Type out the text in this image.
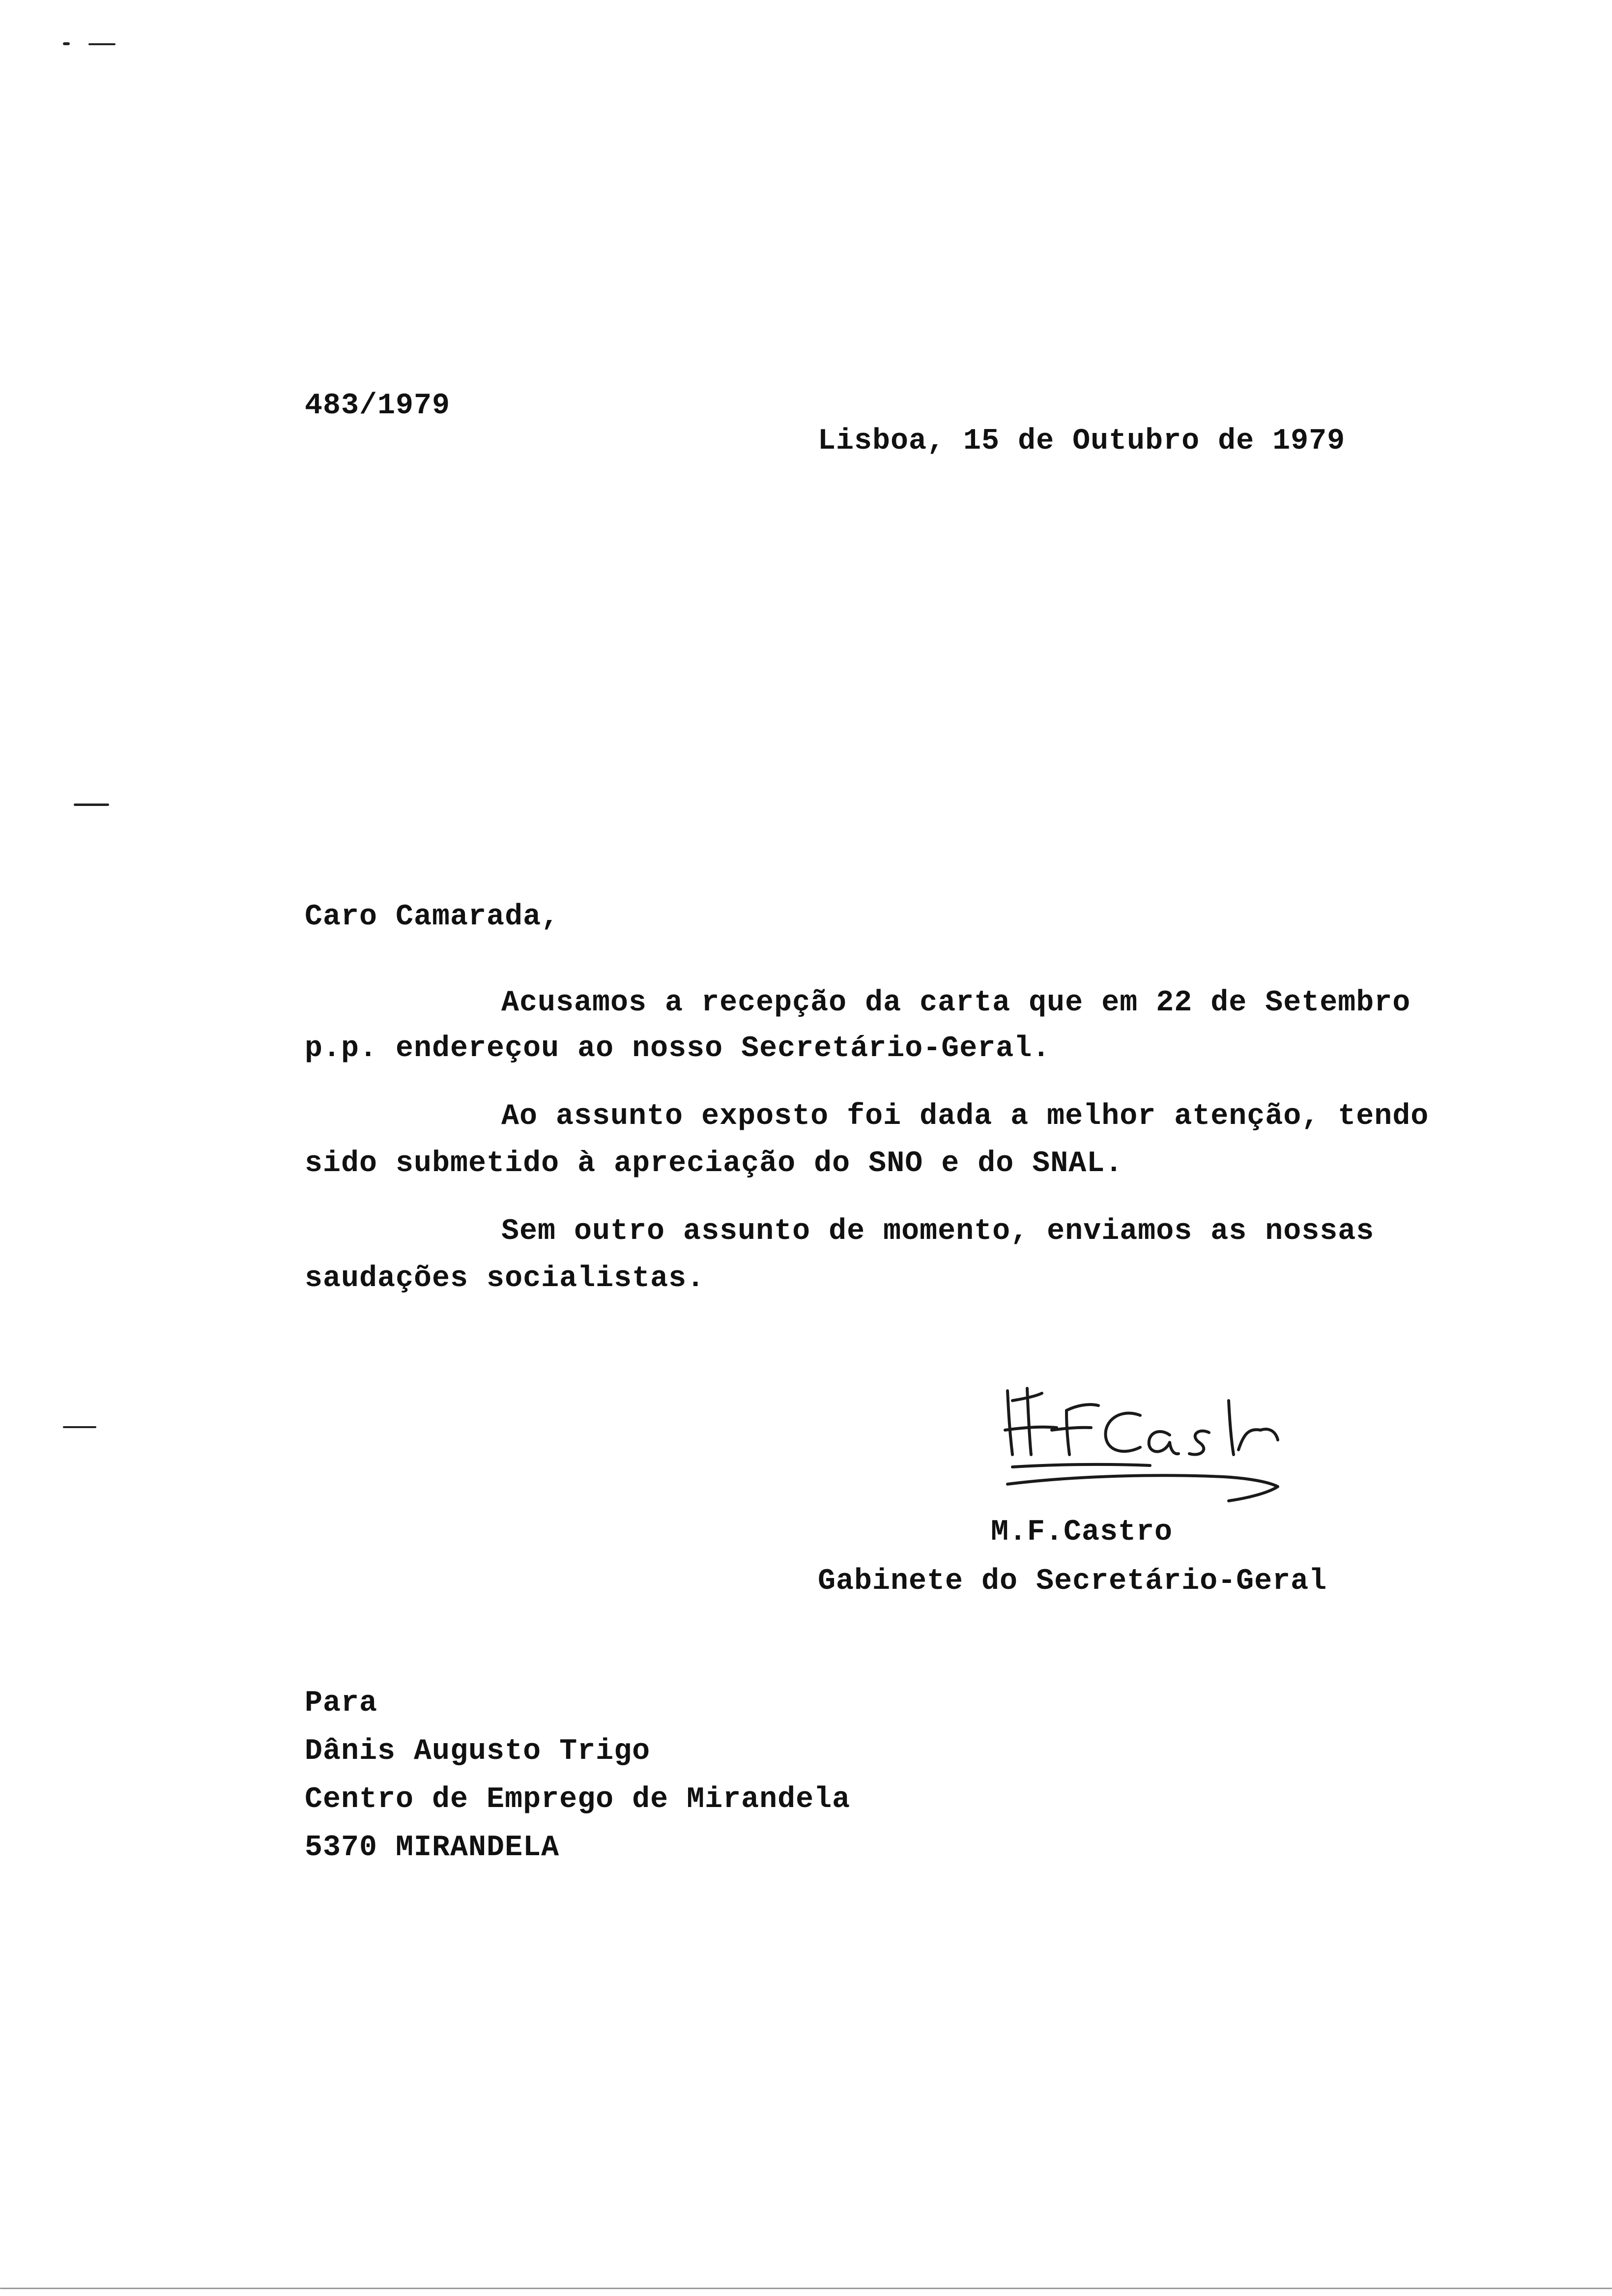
483/1979
Lisboa, 15 de Outubro de 1979
Caro Camarada,
Acusamos a recepção da carta que em 22 de Setembro
p.p. endereçou ao nosso Secretário-Geral.
Ao assunto exposto foi dada a melhor atenção, tendo
sido submetido à apreciação do SNO e do SNAL.
Sem outro assunto de momento, enviamos as nossas
saudações socialistas.
M.F.Castro
Gabinete do Secretário-Geral
Para
Dânis Augusto Trigo
Centro de Emprego de Mirandela
5370 MIRANDELA
